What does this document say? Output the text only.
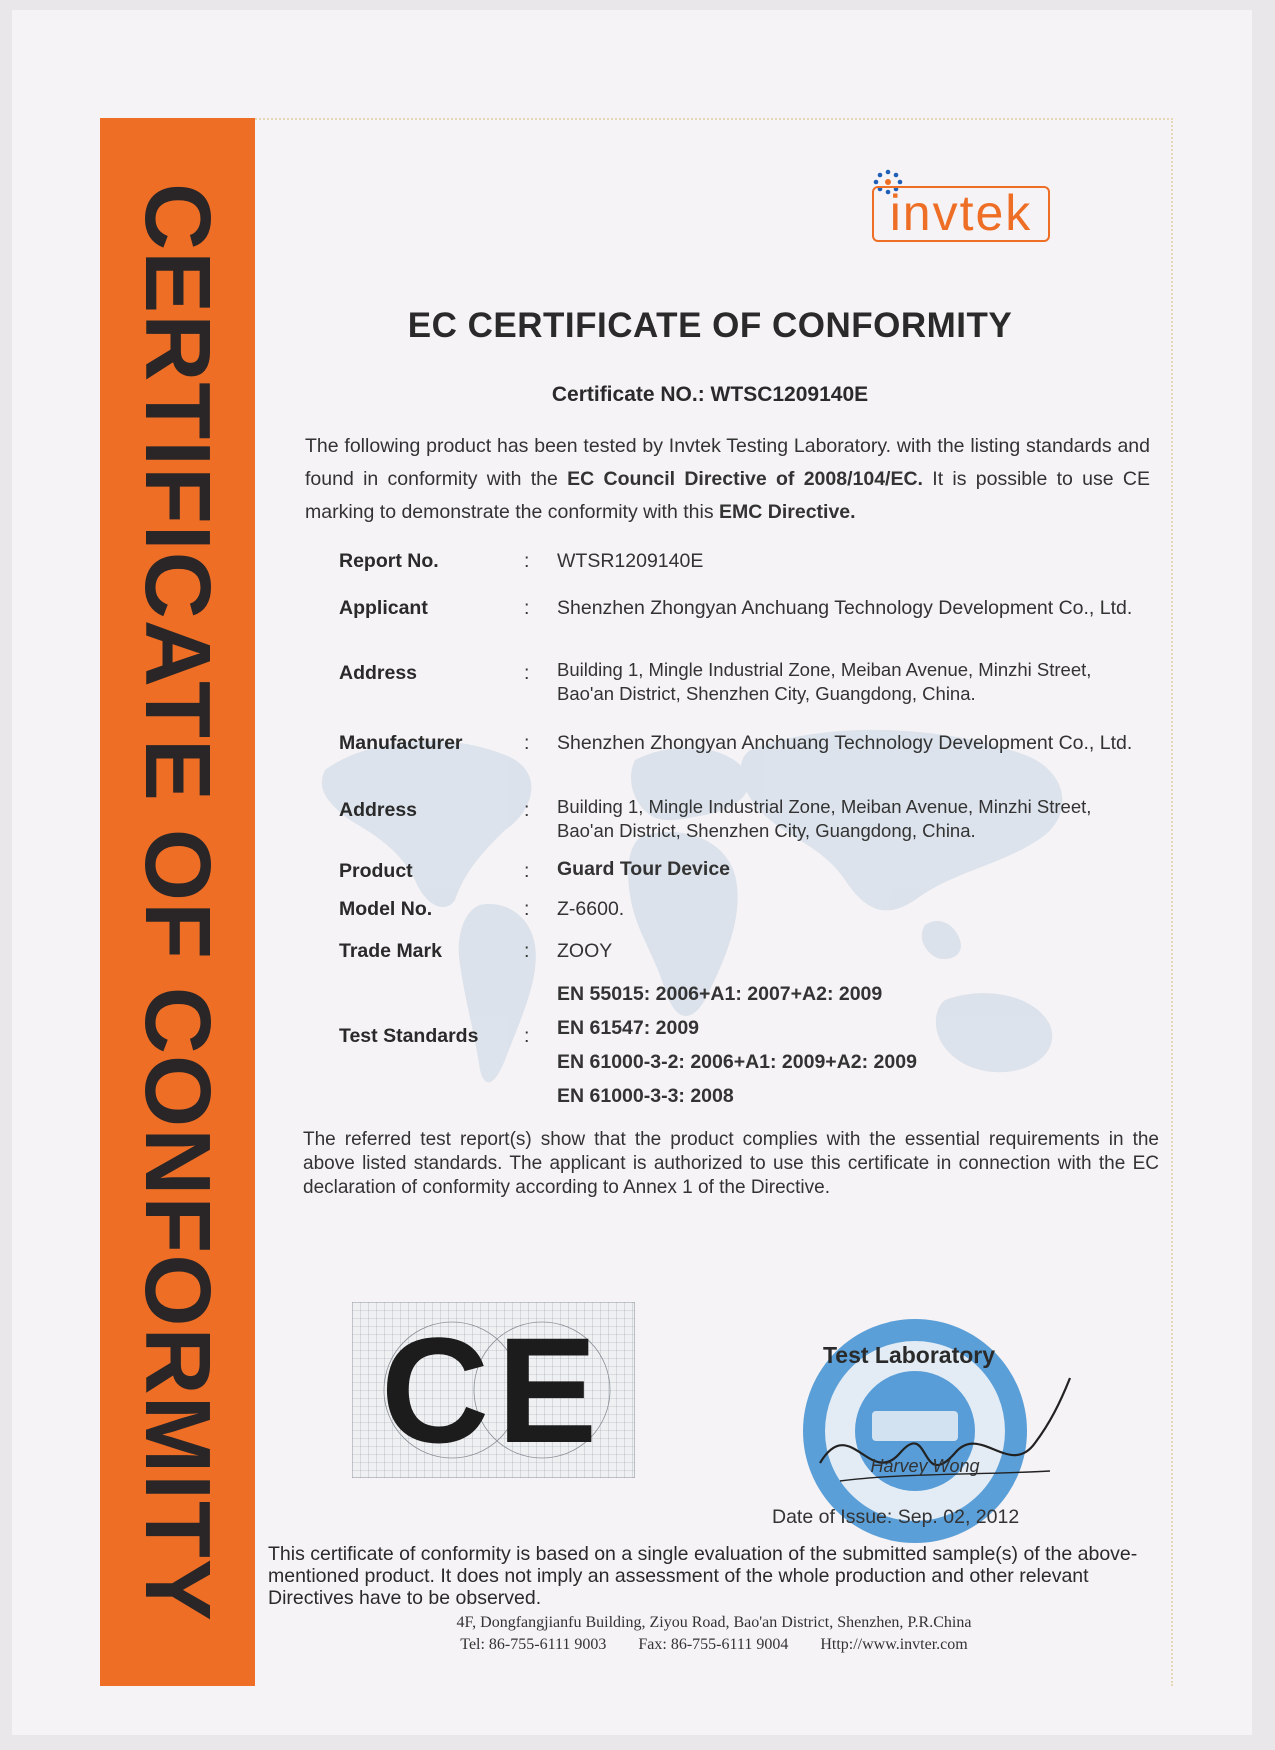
CERTIFICATE OF CONFORMITY	invtek
EC CERTIFICATE OF CONFORMITY
Certificate NO.: WTSC1209140E
The following product has been tested by Invtek Testing Laboratory. with the listing standards and found in conformity with the EC Council Directive of 2008/104/EC. It is possible to use CE marking to demonstrate the conformity with this EMC Directive.
Report No.	: WTSR1209140E
Applicant	: Shenzhen Zhongyan Anchuang Technology Development Co., Ltd.
Address	: Building 1, Mingle Industrial Zone, Meiban Avenue, Minzhi Street, Bao'an District, Shenzhen City, Guangdong, China.
Manufacturer	: Shenzhen Zhongyan Anchuang Technology Development Co., Ltd.
Address	: Building 1, Mingle Industrial Zone, Meiban Avenue, Minzhi Street, Bao'an District, Shenzhen City, Guangdong, China.
Product	: Guard Tour Device
Model No.	: Z-6600.
Trade Mark	: ZOOY
Test Standards :
EN 55015: 2006+A1: 2007+A2: 2009
EN 61547: 2009
EN 61000-3-2: 2006+A1: 2009+A2: 2009
EN 61000-3-3: 2008
The referred test report(s) show that the product complies with the essential requirements in the above listed standards. The applicant is authorized to use this certificate in connection with the EC declaration of conformity according to Annex 1 of the Directive.
CE	Test Laboratory
Harvey Wong
Date of Issue: Sep. 02, 2012
This certificate of conformity is based on a single evaluation of the submitted sample(s) of the above-mentioned product. It does not imply an assessment of the whole production and other relevant Directives have to be observed.
4F, Dongfangjianfu Building, Ziyou Road, Bao'an District, Shenzhen, P.R.China
Tel: 86-755-6111 9003 Fax: 86-755-6111 9004 Http://www.invter.com
